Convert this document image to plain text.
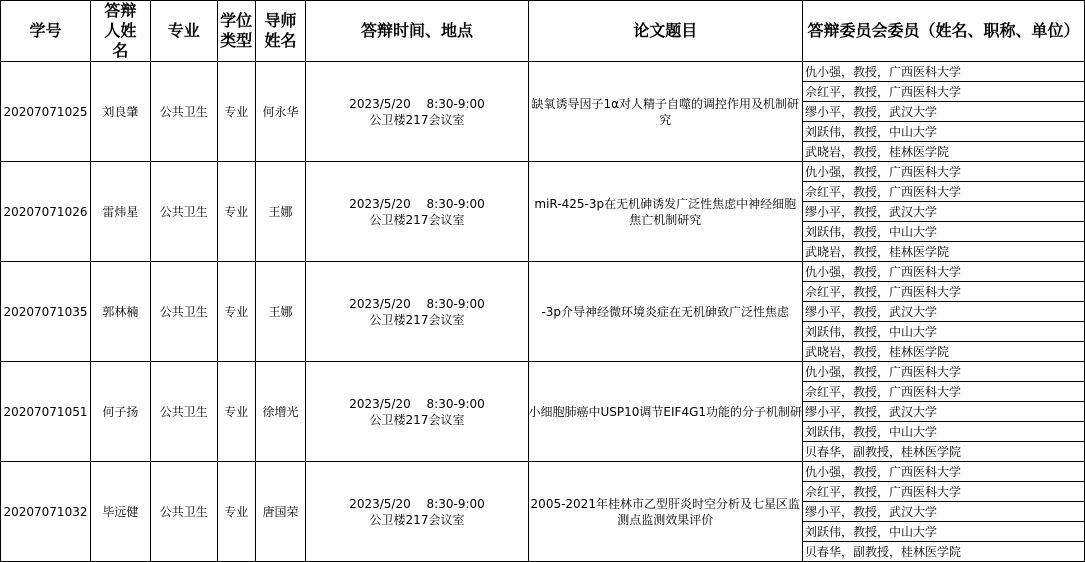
学号	答辩人姓名	专业	学位类型	导师姓名	答辩时间、地点	论文题目	答辩委员会委员（姓名、职称、单位）
20207071025	刘良肇	公共卫生	专业	何永华	2023/5/20　 8:30-9:00
公卫楼217会议室	缺氧诱导因子1α对人精子自噬的调控作用及机制研究	仇小强，教授，广西医科大学
							佘红平，教授，广西医科大学
							缪小平，教授，武汉大学
							刘跃伟，教授，中山大学
							武晓岩，教授，桂林医学院
20207071026	雷炜星	公共卫生	专业	王娜	2023/5/20　 8:30-9:00
公卫楼217会议室	miR-425-3p在无机砷诱发广泛性焦虑中神经细胞焦亡机制研究	仇小强，教授，广西医科大学
							佘红平，教授，广西医科大学
							缪小平，教授，武汉大学
							刘跃伟，教授，中山大学
							武晓岩，教授，桂林医学院
20207071035	郭林楠	公共卫生	专业	王娜	2023/5/20　 8:30-9:00
公卫楼217会议室	-3p介导神经微环境炎症在无机砷致广泛性焦虑	仇小强，教授，广西医科大学
							佘红平，教授，广西医科大学
							缪小平，教授，武汉大学
							刘跃伟，教授，中山大学
							武晓岩，教授，桂林医学院
20207071051	何子扬	公共卫生	专业	徐增光	2023/5/20　 8:30-9:00
公卫楼217会议室	小细胞肺癌中USP10调节EIF4G1功能的分子机制研	仇小强，教授，广西医科大学
							佘红平，教授，广西医科大学
							缪小平，教授，武汉大学
							刘跃伟，教授，中山大学
							贝春华，副教授，桂林医学院
20207071032	毕远健	公共卫生	专业	唐国荣	2023/5/20　 8:30-9:00
公卫楼217会议室	2005-2021年桂林市乙型肝炎时空分析及七星区监测点监测效果评价	仇小强，教授，广西医科大学
							佘红平，教授，广西医科大学
							缪小平，教授，武汉大学
							刘跃伟，教授，中山大学
							贝春华，副教授，桂林医学院
